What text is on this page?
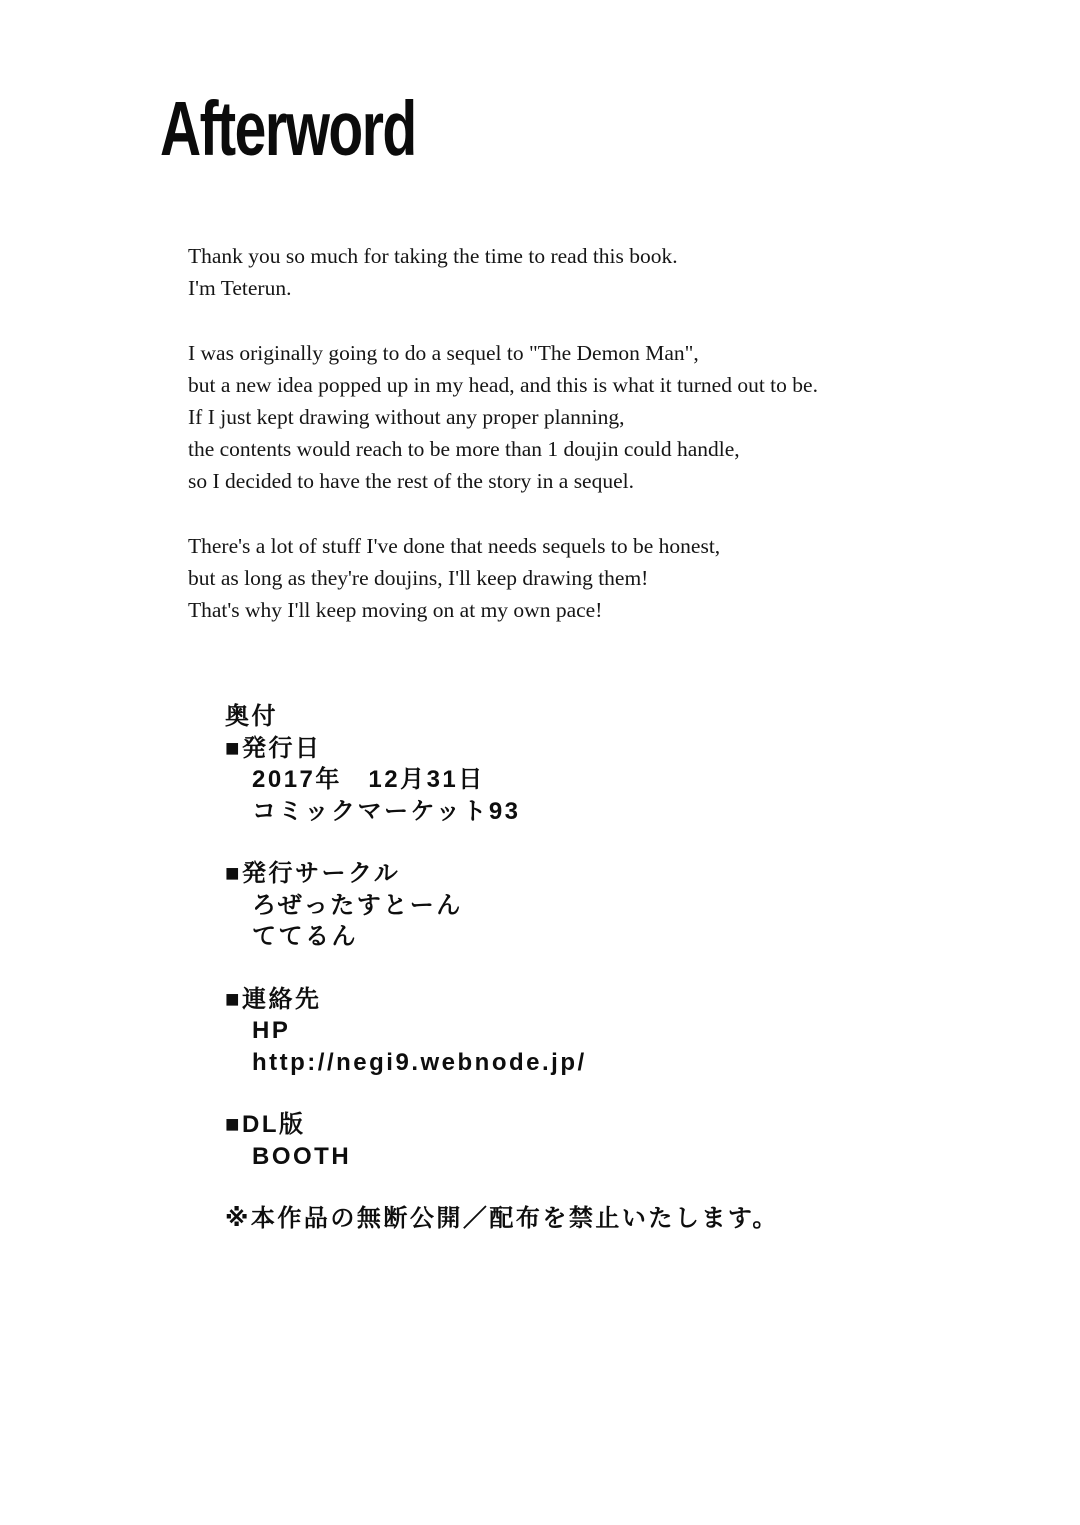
Afterword
Thank you so much for taking the time to read this book.
I'm Teterun.
I was originally going to do a sequel to "The Demon Man",
but a new idea popped up in my head, and this is what it turned out to be.
If I just kept drawing without any proper planning,
the contents would reach to be more than 1 doujin could handle,
so I decided to have the rest of the story in a sequel.
There's a lot of stuff I've done that needs sequels to be honest,
but as long as they're doujins, I'll keep drawing them!
That's why I'll keep moving on at my own pace!
奥付
■発行日
2017年　12月31日
コミックマーケット93
■発行サークル
ろぜったすとーん
ててるん
■連絡先
HP
http://negi9.webnode.jp/
■DL版
BOOTH
※本作品の無断公開／配布を禁止いたします。
